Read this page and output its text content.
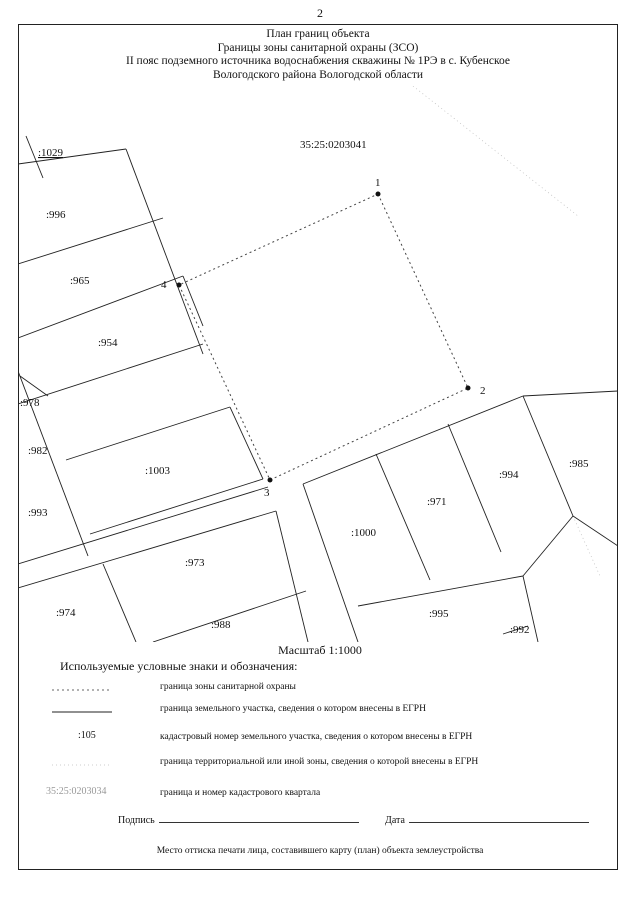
2
План границ объекта
Границы зоны санитарной охраны (ЗСО)
II пояс подземного источника водоснабжения скважины № 1РЭ в с. Кубенское
Вологодского района Вологодской области
35:25:0203041
1
2
3
4
:1029
:996
:965
:954
:978
:982
:1003
:993
:973
:974
:988
:1000
:971
:994
:985
:995
:992
Масштаб 1:1000
Используемые условные знаки и обозначения:
граница зоны санитарной охраны
граница земельного участка, сведения о котором внесены в ЕГРН
:105	кадастровый номер земельного участка, сведения о котором внесены в ЕГРН
граница территориальной или иной зоны, сведения о которой внесены в ЕГРН
35:25:0203034	граница и номер кадастрового квартала
Подпись	Дата
Место оттиска печати лица, составившего карту (план) объекта землеустройства
